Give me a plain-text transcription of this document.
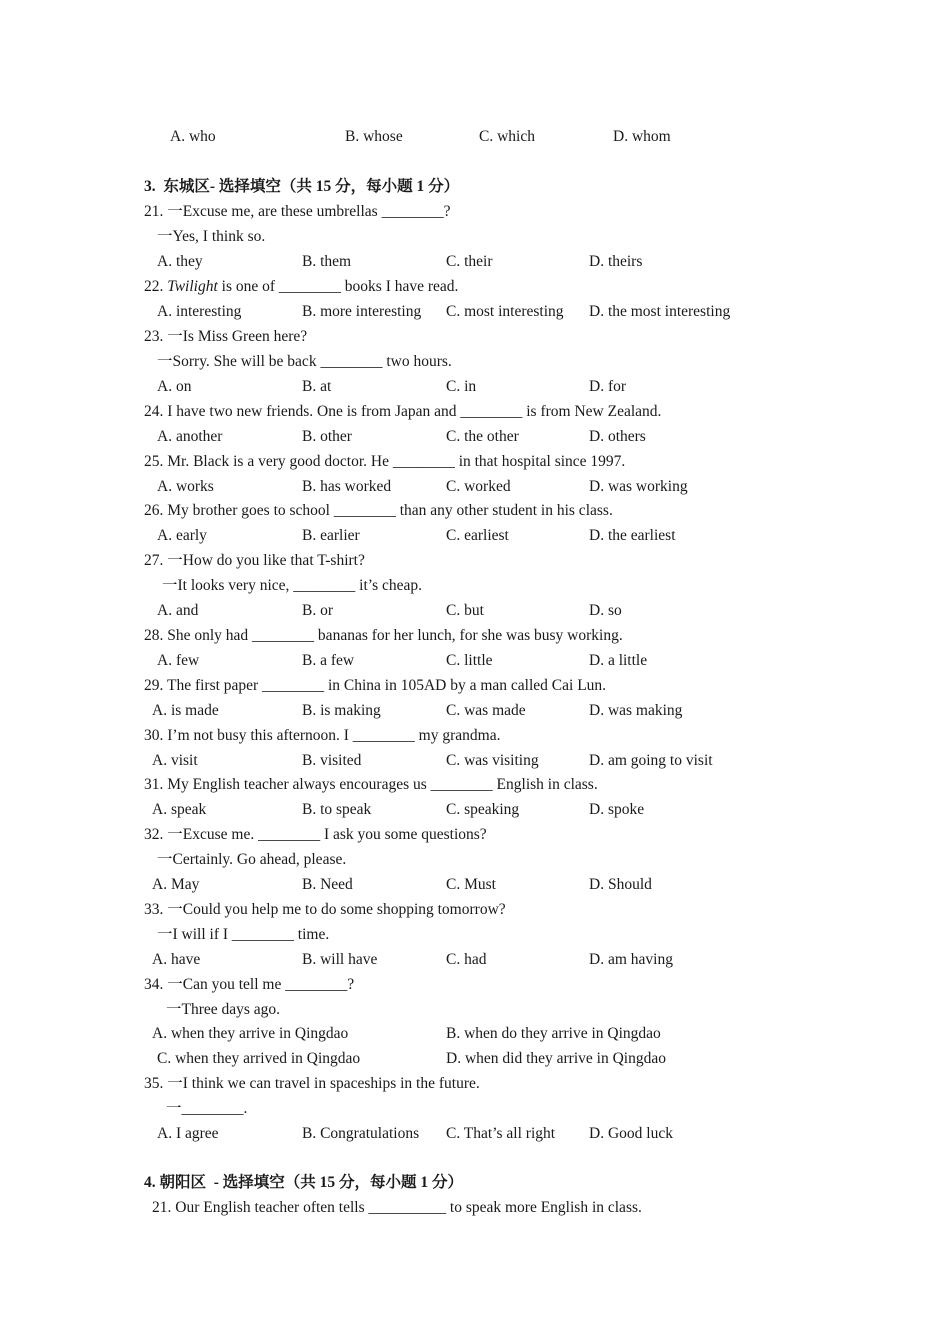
A. who	B. whose	C. which	D. whom
3.  东城区- 选择填空（共 15 分，每小题 1 分）
21. 一Excuse me, are these umbrellas ________?
一Yes, I think so.
A. they	B. them	C. their	D. theirs
22. Twilight is one of ________ books I have read.
A. interesting	B. more interesting C. most interesting D. the most interesting
23. 一Is Miss Green here?
一Sorry. She will be back ________ two hours.
A. on	B. at	C. in	D. for
24. I have two new friends. One is from Japan and ________ is from New Zealand.
A. another	B. other	C. the other	D. others
25. Mr. Black is a very good doctor. He ________ in that hospital since 1997.
A. works	B. has worked	C. worked	D. was working
26. My brother goes to school ________ than any other student in his class.
A. early	B. earlier	C. earliest	D. the earliest
27. 一How do you like that T-shirt?
一It looks very nice, ________ it’s cheap.
A. and	B. or	C. but	D. so
28. She only had ________ bananas for her lunch, for she was busy working.
A. few	B. a few	C. little	D. a little
29. The first paper ________ in China in 105AD by a man called Cai Lun.
A. is made	B. is making	C. was made	D. was making
30. I’m not busy this afternoon. I ________ my grandma.
A. visit	B. visited	C. was visiting	D. am going to visit
31. My English teacher always encourages us ________ English in class.
A. speak	B. to speak	C. speaking	D. spoke
32. 一Excuse me. ________ I ask you some questions?
一Certainly. Go ahead, please.
A. May	B. Need	C. Must	D. Should
33. 一Could you help me to do some shopping tomorrow?
一I will if I ________ time.
A. have	B. will have	C. had	D. am having
34. 一Can you tell me ________?
一Three days ago.
A. when they arrive in Qingdao	B. when do they arrive in Qingdao
C. when they arrived in Qingdao	D. when did they arrive in Qingdao
35. 一I think we can travel in spaceships in the future.
一________.
A. I agree	B. Congratulations C. That’s all right D. Good luck
4. 朝阳区  - 选择填空（共 15 分，每小题 1 分）
21. Our English teacher often tells __________ to speak more English in class.
